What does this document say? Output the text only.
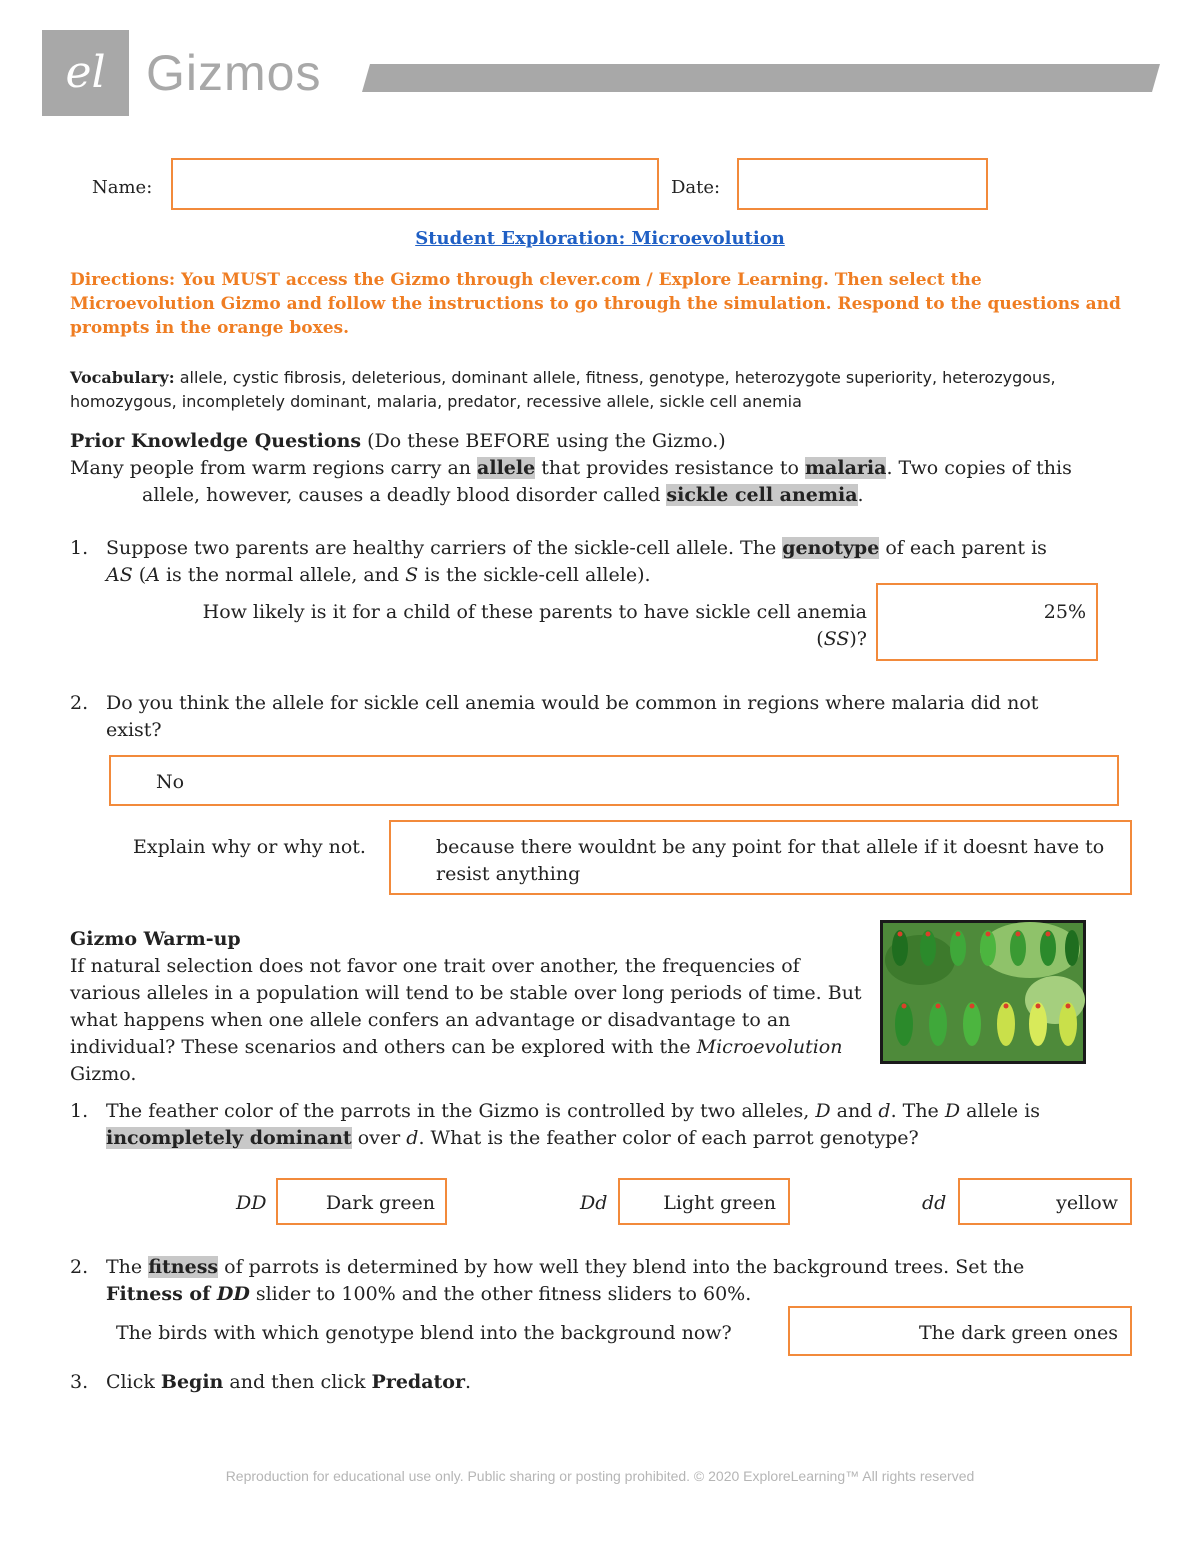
el Gizmos
Name:	Date:
Student Exploration: Microevolution
Directions: You MUST access the Gizmo through clever.com / Explore Learning. Then select the Microevolution Gizmo and follow the instructions to go through the simulation. Respond to the questions and prompts in the orange boxes.
Vocabulary: allele, cystic fibrosis, deleterious, dominant allele, fitness, genotype, heterozygote superiority, heterozygous, homozygous, incompletely dominant, malaria, predator, recessive allele, sickle cell anemia
Prior Knowledge Questions (Do these BEFORE using the Gizmo.)
Many people from warm regions carry an allele that provides resistance to malaria. Two copies of this
allele, however, causes a deadly blood disorder called sickle cell anemia.
1. Suppose two parents are healthy carriers of the sickle-cell allele. The genotype of each parent is
AS (A is the normal allele, and S is the sickle-cell allele).
How likely is it for a child of these parents to have sickle cell anemia
(SS)?
25%
2. Do you think the allele for sickle cell anemia would be common in regions where malaria did not
exist?
No
Explain why or why not.	because there wouldnt be any point for that allele if it doesnt have to resist anything
Gizmo Warm-up
If natural selection does not favor one trait over another, the frequencies of various alleles in a population will tend to be stable over long periods of time. But what happens when one allele confers an advantage or disadvantage to an individual? These scenarios and others can be explored with the Microevolution Gizmo.
1. The feather color of the parrots in the Gizmo is controlled by two alleles, D and d. The D allele is
incompletely dominant over d. What is the feather color of each parrot genotype?
DD	Dark green	Dd	Light green	dd	yellow
2. The fitness of parrots is determined by how well they blend into the background trees. Set the
Fitness of DD slider to 100% and the other fitness sliders to 60%.
The birds with which genotype blend into the background now?	The dark green ones
3. Click Begin and then click Predator.
Reproduction for educational use only. Public sharing or posting prohibited. © 2020 ExploreLearning™ All rights reserved
